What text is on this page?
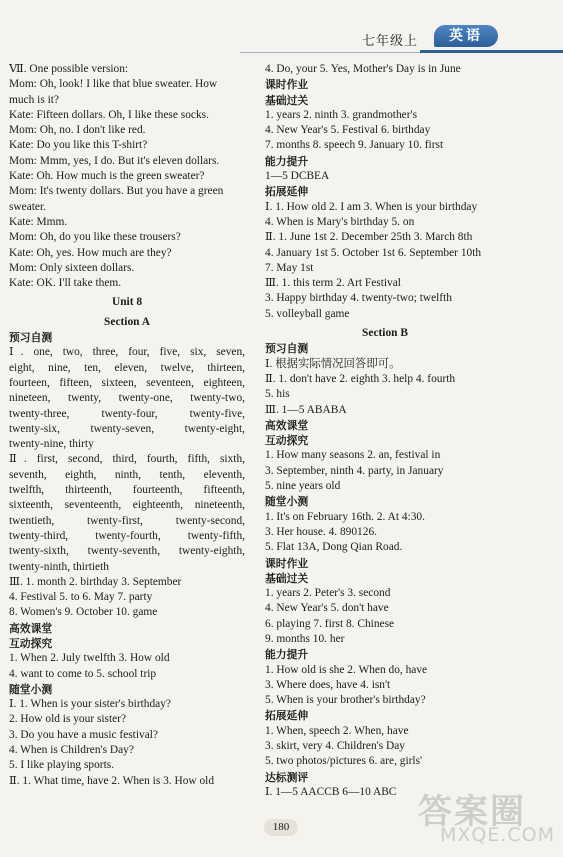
七年级上	英语
Ⅶ. One possible version:
Mom: Oh, look! I like that blue sweater. How
much is it?
Kate: Fifteen dollars. Oh, I like these socks.
Mom: Oh, no. I don't like red.
Kate: Do you like this T-shirt?
Mom: Mmm, yes, I do. But it's eleven dollars.
Kate: Oh. How much is the green sweater?
Mom: It's twenty dollars. But you have a green
sweater.
Kate: Mmm.
Mom: Oh, do you like these trousers?
Kate: Oh, yes. How much are they?
Mom: Only sixteen dollars.
Kate: OK. I'll take them.
Unit 8
Section A
预习自测
Ⅰ. one, two, three, four, five, six, seven,
eight, nine, ten, eleven, twelve, thirteen,
fourteen, fifteen, sixteen, seventeen, eighteen,
nineteen, twenty, twenty-one, twenty-two,
twenty-three, twenty-four, twenty-five,
twenty-six, twenty-seven, twenty-eight,
twenty-nine, thirty
Ⅱ. first, second, third, fourth, fifth, sixth,
seventh, eighth, ninth, tenth, eleventh,
twelfth, thirteenth, fourteenth, fifteenth,
sixteenth, seventeenth, eighteenth, nineteenth,
twentieth, twenty-first, twenty-second,
twenty-third, twenty-fourth, twenty-fifth,
twenty-sixth, twenty-seventh, twenty-eighth,
twenty-ninth, thirtieth
Ⅲ. 1. month 2. birthday 3. September
4. Festival 5. to 6. May 7. party
8. Women's 9. October 10. game
高效课堂
互动探究
1. When 2. July twelfth 3. How old
4. want to come to 5. school trip
随堂小测
Ⅰ. 1. When is your sister's birthday?
2. How old is your sister?
3. Do you have a music festival?
4. When is Children's Day?
5. I like playing sports.
Ⅱ. 1. What time, have 2. When is 3. How old
4. Do, your 5. Yes, Mother's Day is in June
课时作业
基础过关
1. years 2. ninth 3. grandmother's
4. New Year's 5. Festival 6. birthday
7. months 8. speech 9. January 10. first
能力提升
1—5 DCBEA
拓展延伸
Ⅰ. 1. How old 2. I am 3. When is your birthday
4. When is Mary's birthday 5. on
Ⅱ. 1. June 1st 2. December 25th 3. March 8th
4. January 1st 5. October 1st 6. September 10th
7. May 1st
Ⅲ. 1. this term 2. Art Festival
3. Happy birthday 4. twenty-two; twelfth
5. volleyball game
Section B
预习自测
Ⅰ. 根据实际情况回答即可。
Ⅱ. 1. don't have 2. eighth 3. help 4. fourth
5. his
Ⅲ. 1—5 ABABA
高效课堂
互动探究
1. How many seasons 2. an, festival in
3. September, ninth 4. party, in January
5. nine years old
随堂小测
1. It's on February 16th. 2. At 4:30.
3. Her house. 4. 890126.
5. Flat 13A, Dong Qian Road.
课时作业
基础过关
1. years 2. Peter's 3. second
4. New Year's 5. don't have
6. playing 7. first 8. Chinese
9. months 10. her
能力提升
1. How old is she 2. When do, have
3. Where does, have 4. isn't
5. When is your brother's birthday?
拓展延伸
1. When, speech 2. When, have
3. skirt, very 4. Children's Day
5. two photos/pictures 6. are, girls'
达标测评
Ⅰ. 1—5 AACCB 6—10 ABC
答案圈
MXQE.COM
180
